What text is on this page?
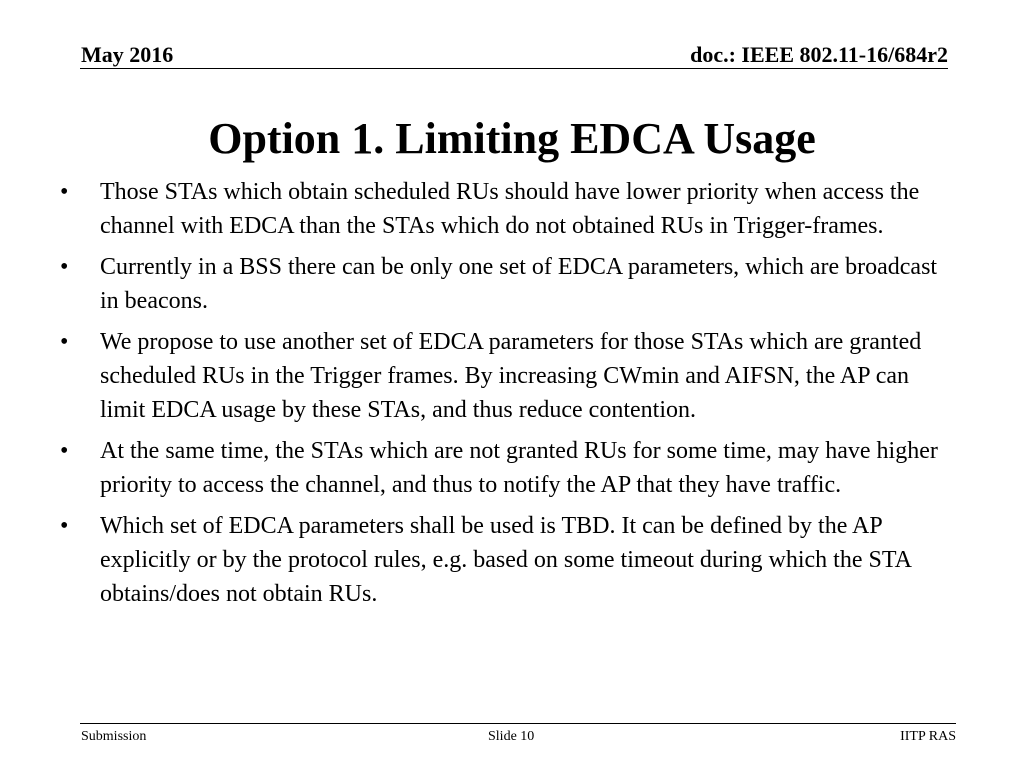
May 2016	doc.: IEEE 802.11-16/684r2
Option 1. Limiting EDCA Usage
•	Those STAs which obtain scheduled RUs should have lower priority when access the channel with EDCA than the STAs which do not obtained RUs in Trigger-frames.
•	Currently in a BSS there can be only one set of EDCA parameters, which are broadcast in beacons.
•	We propose to use another set of EDCA parameters for those STAs which are granted scheduled RUs in the Trigger frames. By increasing CWmin and AIFSN, the AP can limit EDCA usage by these STAs, and thus reduce contention.
•	At the same time, the STAs which are not granted RUs for some time, may have higher priority to access the channel, and thus to notify the AP that they have traffic.
•	Which set of EDCA parameters shall be used is TBD. It can be defined by the AP explicitly or by the protocol rules, e.g. based on some timeout during which the STA obtains/does not obtain RUs.
Submission	Slide 10	IITP RAS
